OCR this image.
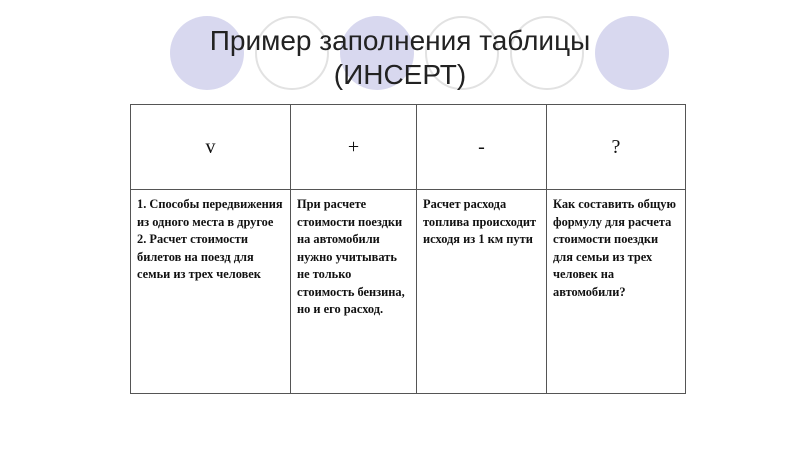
Пример заполнения таблицы
(ИНСЕРТ)
v	+	-	?

1. Способы передвижения из одного места в другое
2. Расчет стоимости билетов на поезд для семьи из трех человек	При расчете стоимости поездки на автомобили нужно учитывать не только стоимость бензина, но и его расход.	Расчет расхода топлива происходит исходя из 1 км пути	Как составить общую формулу для расчета стоимости поездки для семьи из трех человек на автомобили?
